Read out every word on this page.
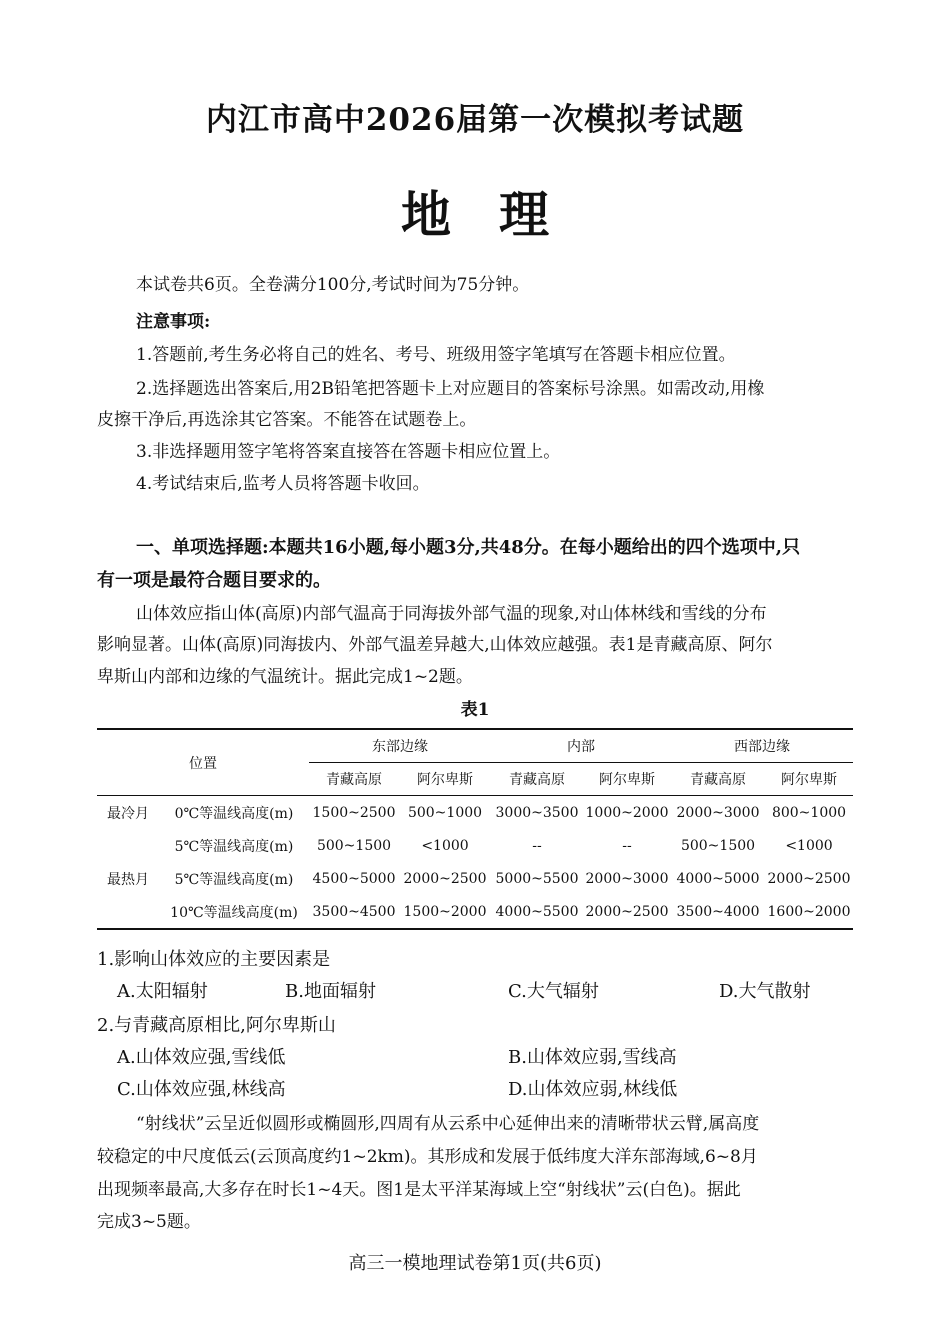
内江市高中2026届第一次模拟考试题
地理
本试卷共6页。全卷满分100分,考试时间为75分钟。
注意事项:
1.答题前,考生务必将自己的姓名、考号、班级用签字笔填写在答题卡相应位置。
2.选择题选出答案后,用2B铅笔把答题卡上对应题目的答案标号涂黑。如需改动,用橡
皮擦干净后,再选涂其它答案。不能答在试题卷上。
3.非选择题用签字笔将答案直接答在答题卡相应位置上。
4.考试结束后,监考人员将答题卡收回。
一、单项选择题:本题共16小题,每小题3分,共48分。在每小题给出的四个选项中,只
有一项是最符合题目要求的。
山体效应指山体(高原)内部气温高于同海拔外部气温的现象,对山体林线和雪线的分布
影响显著。山体(高原)同海拔内、外部气温差异越大,山体效应越强。表1是青藏高原、阿尔
卑斯山内部和边缘的气温统计。据此完成1~2题。
表1
位置		东部边缘		内部		西部边缘	
		青藏高原	阿尔卑斯	青藏高原	阿尔卑斯	青藏高原	阿尔卑斯
最冷月	0℃等温线高度(m)	1500~2500	500~1000	3000~3500	1000~2000	2000~3000	800~1000
	5℃等温线高度(m)	500~1500	<1000	--	--	500~1500	<1000
最热月	5℃等温线高度(m)	4500~5000	2000~2500	5000~5500	2000~3000	4000~5000	2000~2500
	10℃等温线高度(m)	3500~4500	1500~2000	4000~5500	2000~2500	3500~4000	1600~2000
1.影响山体效应的主要因素是
A.太阳辐射	B.地面辐射	C.大气辐射	D.大气散射
2.与青藏高原相比,阿尔卑斯山
A.山体效应强,雪线低	B.山体效应弱,雪线高
C.山体效应强,林线高	D.山体效应弱,林线低
“射线状”云呈近似圆形或椭圆形,四周有从云系中心延伸出来的清晰带状云臂,属高度
较稳定的中尺度低云(云顶高度约1~2km)。其形成和发展于低纬度大洋东部海域,6~8月
出现频率最高,大多存在时长1~4天。图1是太平洋某海域上空“射线状”云(白色)。据此
完成3~5题。
高三一模地理试卷第1页(共6页)
